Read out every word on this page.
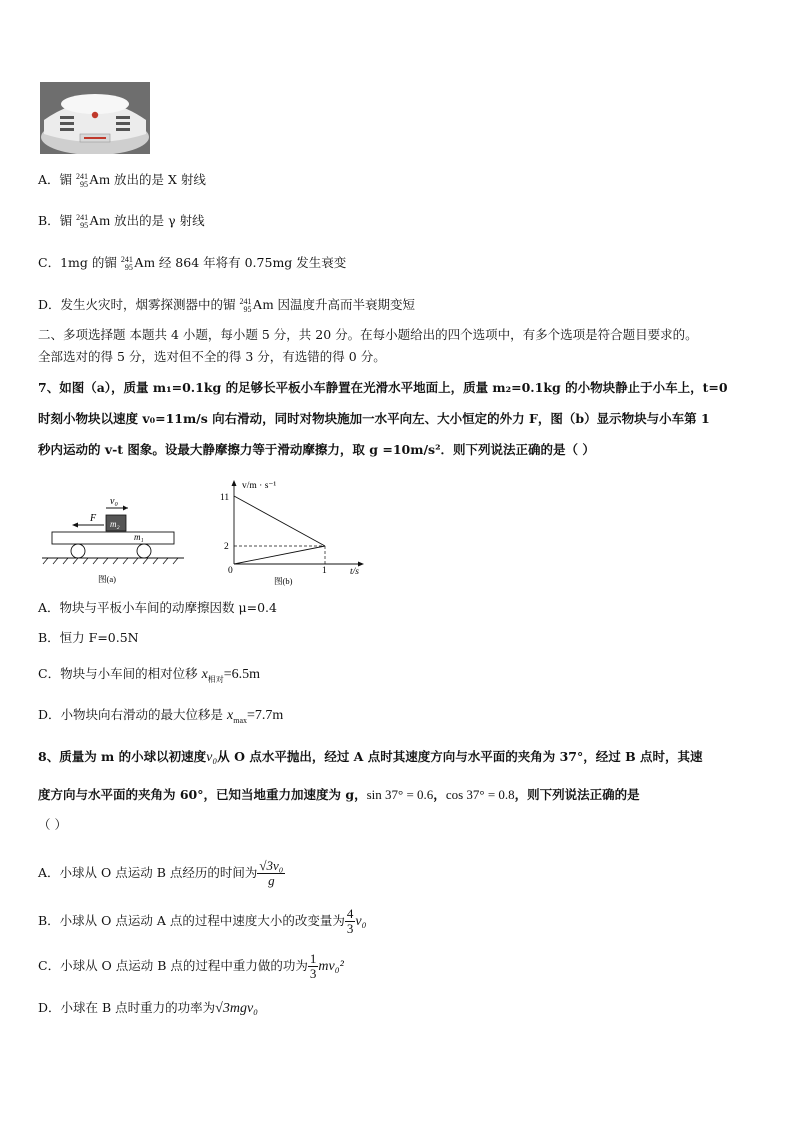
A．镅 241
95Am 放出的是 X 射线
B．镅 241
95Am 放出的是 γ 射线
C．1mg 的镅 241
95Am 经 864 年将有 0.75mg 发生衰变
D．发生火灾时，烟雾探测器中的镅 241
95Am 因温度升高而半衰期变短
二、多项选择题 本题共 4 小题，每小题 5 分，共 20 分。在每小题给出的四个选项中，有多个选项是符合题目要求的。
全部选对的得 5 分，选对但不全的得 3 分，有选错的得 0 分。
7、如图（a），质量 m₁=0.1kg 的足够长平板小车静置在光滑水平地面上，质量 m₂=0.1kg 的小物块静止于小车上，t=0
时刻小物块以速度 v₀=11m/s 向右滑动，同时对物块施加一水平向左、大小恒定的外力 F，图（b）显示物块与小车第 1
秒内运动的 v-t 图象。设最大静摩擦力等于滑动摩擦力，取 g =10m/s²．则下列说法正确的是（ ）
v₀
m₂
F
m₁
图(a)
v/m · s⁻¹
11
2
0	1 t/s
图(b)
A．物块与平板小车间的动摩擦因数 μ=0.4
B．恒力 F=0.5N
C．物块与小车间的相对位移 $x_{相对}=6.5m$
D．小物块向右滑动的最大位移是 $x_{max}=7.7m$
8、质量为 m 的小球以初速度v₀从 O 点水平抛出，经过 A 点时其速度方向与水平面的夹角为 37°，经过 B 点时，其速
度方向与水平面的夹角为 60°，已知当地重力加速度为 g，sin 37° = 0.6，cos 37° = 0.8，则下列说法正确的是
（ ）
A．小球从 O 点运动 B 点经历的时间为 $\frac{\text{√3v₀}}{g}$
B．小球从 O 点运动 A 点的过程中速度大小的改变量为 $\frac{4}{3} v_0$
C．小球从 O 点运动 B 点的过程中重力做的功为 $\frac{1}{3} mv_0^2$
D．小球在 B 点时重力的功率为√3mgv₀
